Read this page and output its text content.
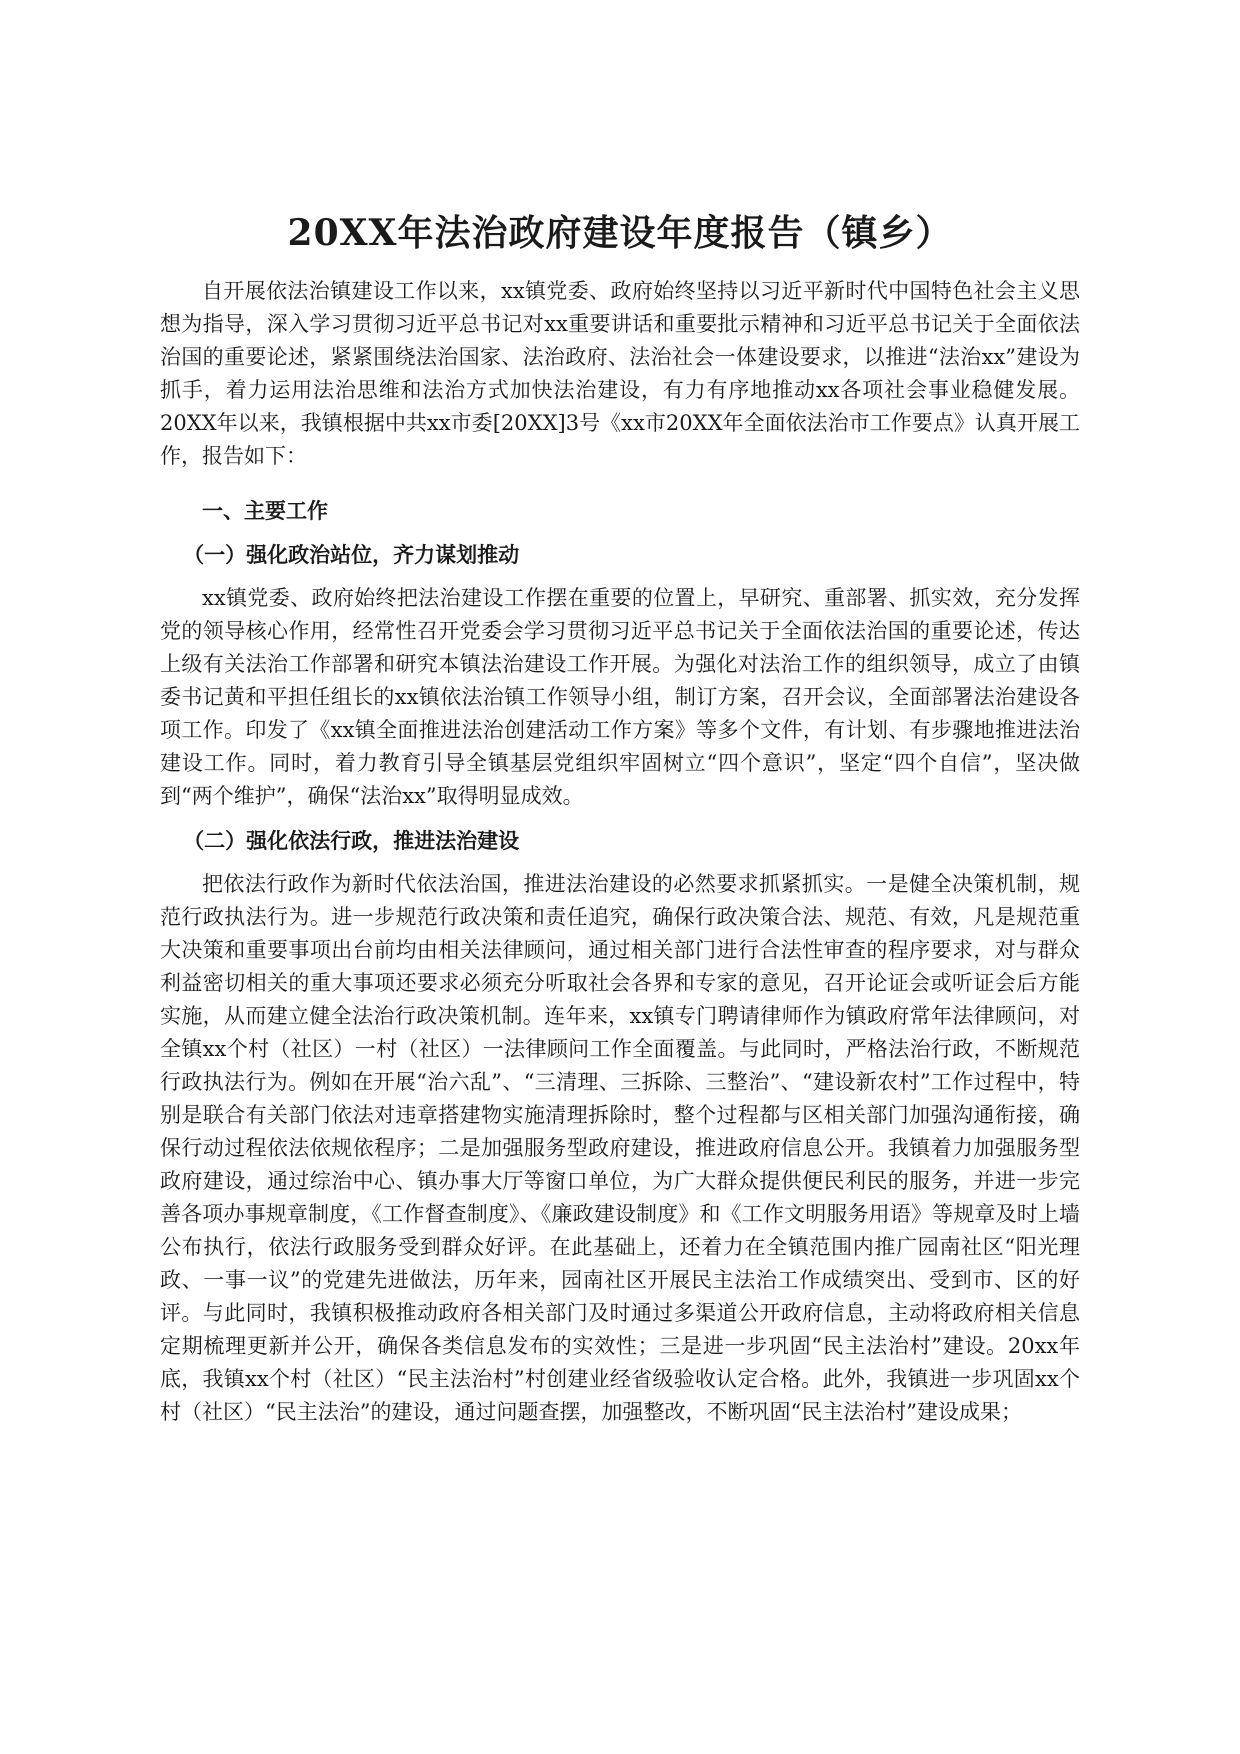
20XX年法治政府建设年度报告（镇乡）

自开展依法治镇建设工作以来，xx镇党委、政府始终坚持以习近平新时代中国特色社会主义思想为指导，深入学习贯彻习近平总书记对xx重要讲话和重要批示精神和习近平总书记关于全面依法治国的重要论述，紧紧围绕法治国家、法治政府、法治社会一体建设要求，以推进“法治xx”建设为抓手，着力运用法治思维和法治方式加快法治建设，有力有序地推动xx各项社会事业稳健发展。20XX年以来，我镇根据中共xx市委[20XX]3号《xx市20XX年全面依法治市工作要点》认真开展工作，报告如下：

一、主要工作
（一）强化政治站位，齐力谋划推动

xx镇党委、政府始终把法治建设工作摆在重要的位置上，早研究、重部署、抓实效，充分发挥党的领导核心作用，经常性召开党委会学习贯彻习近平总书记关于全面依法治国的重要论述，传达上级有关法治工作部署和研究本镇法治建设工作开展。为强化对法治工作的组织领导，成立了由镇委书记黄和平担任组长的xx镇依法治镇工作领导小组，制订方案，召开会议，全面部署法治建设各项工作。印发了《xx镇全面推进法治创建活动工作方案》等多个文件，有计划、有步骤地推进法治建设工作。同时，着力教育引导全镇基层党组织牢固树立“四个意识”，坚定“四个自信”，坚决做到“两个维护”，确保“法治xx”取得明显成效。

（二）强化依法行政，推进法治建设

把依法行政作为新时代依法治国，推进法治建设的必然要求抓紧抓实。一是健全决策机制，规范行政执法行为。进一步规范行政决策和责任追究，确保行政决策合法、规范、有效，凡是规范重大决策和重要事项出台前均由相关法律顾问，通过相关部门进行合法性审查的程序要求，对与群众利益密切相关的重大事项还要求必须充分听取社会各界和专家的意见，召开论证会或听证会后方能实施，从而建立健全法治行政决策机制。连年来，xx镇专门聘请律师作为镇政府常年法律顾问，对全镇xx个村（社区）一村（社区）一法律顾问工作全面覆盖。与此同时，严格法治行政，不断规范行政执法行为。例如在开展“治六乱”、“三清理、三拆除、三整治”、“建设新农村”工作过程中，特别是联合有关部门依法对违章搭建物实施清理拆除时，整个过程都与区相关部门加强沟通衔接，确保行动过程依法依规依程序；二是加强服务型政府建设，推进政府信息公开。我镇着力加强服务型政府建设，通过综治中心、镇办事大厅等窗口单位，为广大群众提供便民利民的服务，并进一步完善各项办事规章制度，《工作督查制度》、《廉政建设制度》和《工作文明服务用语》等规章及时上墙公布执行，依法行政服务受到群众好评。在此基础上，还着力在全镇范围内推广园南社区“阳光理政、一事一议”的党建先进做法，历年来，园南社区开展民主法治工作成绩突出、受到市、区的好评。与此同时，我镇积极推动政府各相关部门及时通过多渠道公开政府信息，主动将政府相关信息定期梳理更新并公开，确保各类信息发布的实效性；三是进一步巩固“民主法治村”建设。20xx年底，我镇xx个村（社区）“民主法治村”村创建业经省级验收认定合格。此外，我镇进一步巩固xx个村（社区）“民主法治”的建设，通过问题查摆，加强整改，不断巩固“民主法治村”建设成果；
